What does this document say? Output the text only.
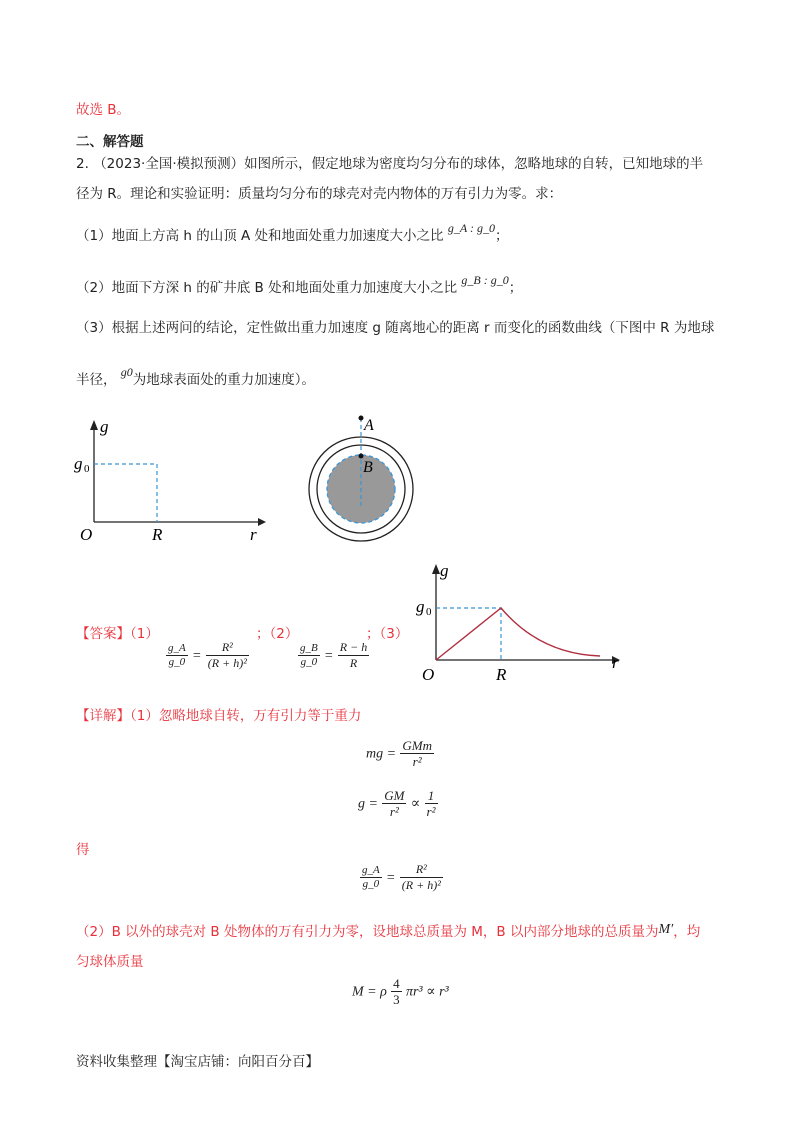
故选 B。
二、解答题
2. （2023·全国·模拟预测）如图所示，假定地球为密度均匀分布的球体，忽略地球的自转，已知地球的半
径为 R。理论和实验证明：质量均匀分布的球壳对壳内物体的万有引力为零。求：
（1）地面上方高 h 的山顶 A 处和地面处重力加速度大小之比 g_A : g_0；
（2）地面下方深 h 的矿井底 B 处和地面处重力加速度大小之比 g_B : g_0；
（3）根据上述两问的结论，定性做出重力加速度 g 随离地心的距离 r 而变化的函数曲线（下图中 R 为地球
半径， g0为地球表面处的重力加速度）。
g
g 0
O	R	r
A
B
【答案】（1）	；（2）	；（3）
$\frac{g\_A}{g\_0} = \frac{\text{R²}}{\text{(R + h)²}}$	$\frac{g\_B}{g\_0} = \frac{R - h}{R}$
g
g 0
O	R
r
【详解】（1）忽略地球自转，万有引力等于重力
mg = $\frac{\text{GMm}}{\text{r²}}$
$g = \frac{GM}{\text{r²}} \propto \frac{1}{\text{r²}}$
得
$\frac{g\_A}{g\_0} = \frac{\text{R²}}{\text{(R + h)²}}$
（2）B 以外的球壳对 B 处物体的万有引力为零，设地球总质量为 M，B 以内部分地球的总质量为M′，均
匀球体质量
M = ρ $\frac{4}{3} \pi r^3 \propto r^3$
资料收集整理【淘宝店铺：向阳百分百】
